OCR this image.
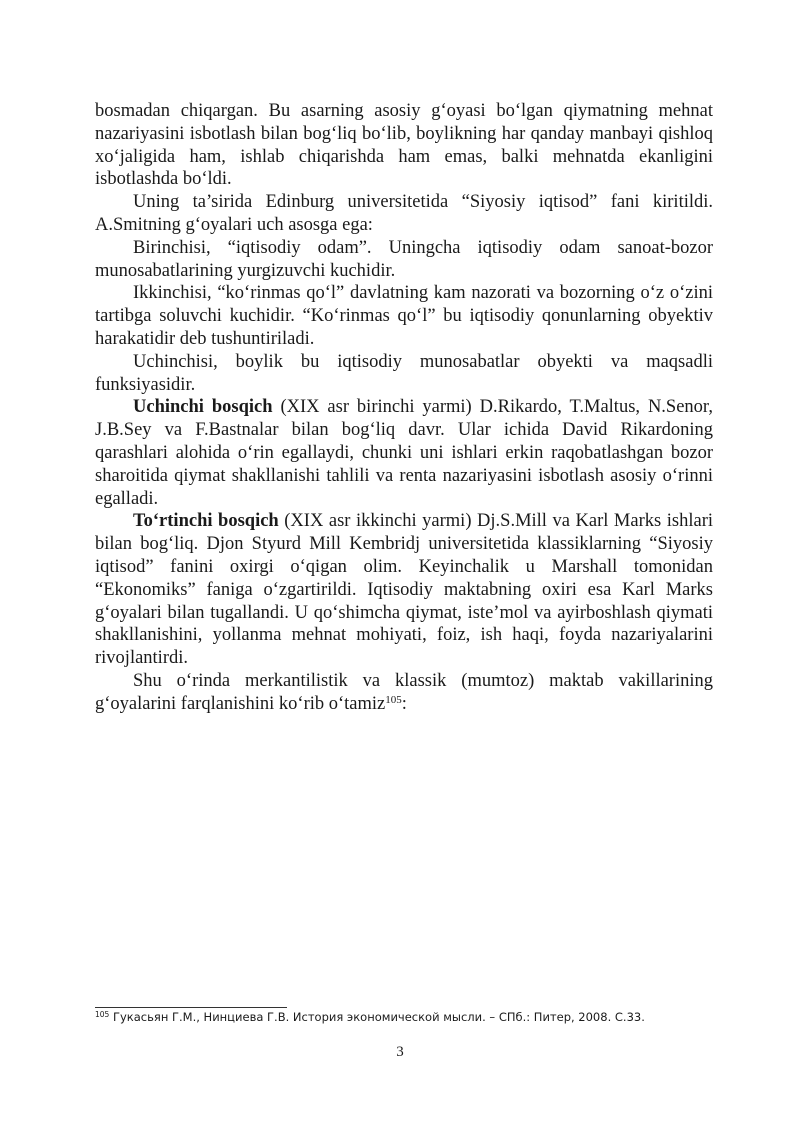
bosmadan chiqargan. Bu asarning asosiy g‘oyasi bo‘lgan qiymatning mehnat nazariyasini isbotlash bilan bog‘liq bo‘lib, boylikning har qanday manbayi qishloq xo‘jaligida ham, ishlab chiqarishda ham emas, balki mehnatda ekanligini isbotlashda bo‘ldi.

Uning ta’sirida Edinburg universitetida “Siyosiy iqtisod” fani kiritildi. A.Smitning g‘oyalari uch asosga ega:

Birinchisi, “iqtisodiy odam”. Uningcha iqtisodiy odam sanoat-bozor munosabatlarining yurgizuvchi kuchidir.

Ikkinchisi, “ko‘rinmas qo‘l” davlatning kam nazorati va bozorning o‘z o‘zini tartibga soluvchi kuchidir. “Ko‘rinmas qo‘l” bu iqtisodiy qonunlarning obyektiv harakatidir deb tushuntiriladi.

Uchinchisi, boylik bu iqtisodiy munosabatlar obyekti va maqsadli funksiyasidir.

Uchinchi bosqich (XIX asr birinchi yarmi) D.Rikardo, T.Maltus, N.Senor, J.B.Sey va F.Bastnalar bilan bog‘liq davr. Ular ichida David Rikardoning qarashlari alohida o‘rin egallaydi, chunki uni ishlari erkin raqobatlashgan bozor sharoitida qiymat shakllanishi tahlili va renta nazariyasini isbotlash asosiy o‘rinni egalladi.

To‘rtinchi bosqich (XIX asr ikkinchi yarmi) Dj.S.Mill va Karl Marks ishlari bilan bog‘liq. Djon Styurd Mill Kembridj universitetida klassiklarning “Siyosiy iqtisod” fanini oxirgi o‘qigan olim. Keyinchalik u Marshall tomonidan “Ekonomiks” faniga o‘zgartirildi. Iqtisodiy maktabning oxiri esa Karl Marks g‘oyalari bilan tugallandi. U qo‘shimcha qiymat, iste’mol va ayirboshlash qiymati shakllanishini, yollanma mehnat mohiyati, foiz, ish haqi, foyda nazariyalarini rivojlantirdi.

Shu o‘rinda merkantilistik va klassik (mumtoz) maktab vakillarining g‘oyalarini farqlanishini ko‘rib o‘tamiz$^{105}$:

$^{105}$ Гукасьян Г.М., Нинциева Г.В. История экономической мысли. – СПб.: Питер, 2008. С.33.
3
